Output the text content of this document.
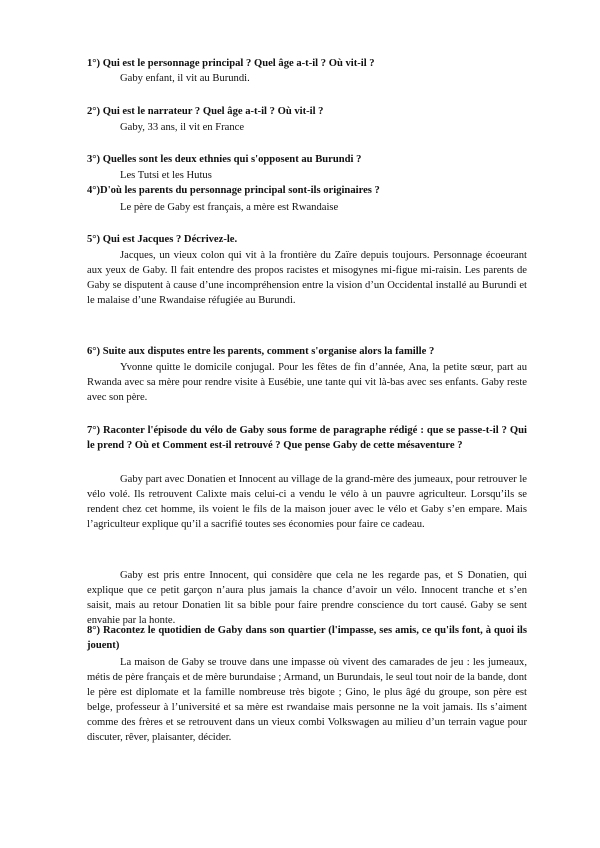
1°) Qui est le personnage principal ? Quel âge a-t-il ? Où vit-il ?
Gaby enfant, il vit au Burundi.
2°) Qui est le narrateur ? Quel âge a-t-il ? Où vit-il ?
Gaby, 33 ans, il vit en France
3°) Quelles sont les deux ethnies qui s'opposent au Burundi ?
Les Tutsi et les Hutus
4°)D'où les parents du personnage principal sont-ils originaires ?
Le père de Gaby est français, a mère est Rwandaise
5°) Qui est Jacques ? Décrivez-le.
Jacques, un vieux colon qui vit à la frontière du Zaïre depuis toujours. Personnage écoeurant aux yeux de Gaby. Il fait entendre des propos racistes et misogynes mi-figue mi-raisin. Les parents de Gaby se disputent à cause d’une incompréhension entre la vision d’un Occidental installé au Burundi et le malaise d’une Rwandaise réfugiée au Burundi.
6°) Suite aux disputes entre les parents, comment s'organise alors la famille ?
Yvonne quitte le domicile conjugal. Pour les fêtes de fin d’année, Ana, la petite sœur, part au Rwanda avec sa mère pour rendre visite à Eusébie, une tante qui vit là-bas avec ses enfants. Gaby reste avec son père.
7°) Raconter l'épisode du vélo de Gaby sous forme de paragraphe rédigé : que se passe-t-il ? Qui le prend ? Où et Comment est-il retrouvé ? Que pense Gaby de cette mésaventure ?
Gaby part avec Donatien et Innocent au village de la grand-mère des jumeaux, pour retrouver le vélo volé. Ils retrouvent Calixte mais celui-ci a vendu le vélo à un pauvre agriculteur. Lorsqu’ils se rendent chez cet homme, ils voient le fils de la maison jouer avec le vélo et Gaby s’en empare. Mais l’agriculteur explique qu’il a sacrifié toutes ses économies pour faire ce cadeau.
Gaby est pris entre Innocent, qui considère que cela ne les regarde pas, et S Donatien, qui explique que ce petit garçon n’aura plus jamais la chance d’avoir un vélo. Innocent tranche et s’en saisit, mais au retour Donatien lit sa bible pour faire prendre conscience du tort causé. Gaby se sent envahie par la honte.
8°) Racontez le quotidien de Gaby dans son quartier (l'impasse, ses amis, ce qu'ils font, à quoi ils jouent)
La maison de Gaby se trouve dans une impasse où vivent des camarades de jeu : les jumeaux, métis de père français et de mère burundaise ; Armand, un Burundais, le seul tout noir de la bande, dont le père est diplomate et la famille nombreuse très bigote ; Gino, le plus âgé du groupe, son père est belge, professeur à l’université et sa mère est rwandaise mais personne ne la voit jamais. Ils s’aiment comme des frères et se retrouvent dans un vieux combi Volkswagen au milieu d’un terrain vague pour discuter, rêver, plaisanter, décider.
